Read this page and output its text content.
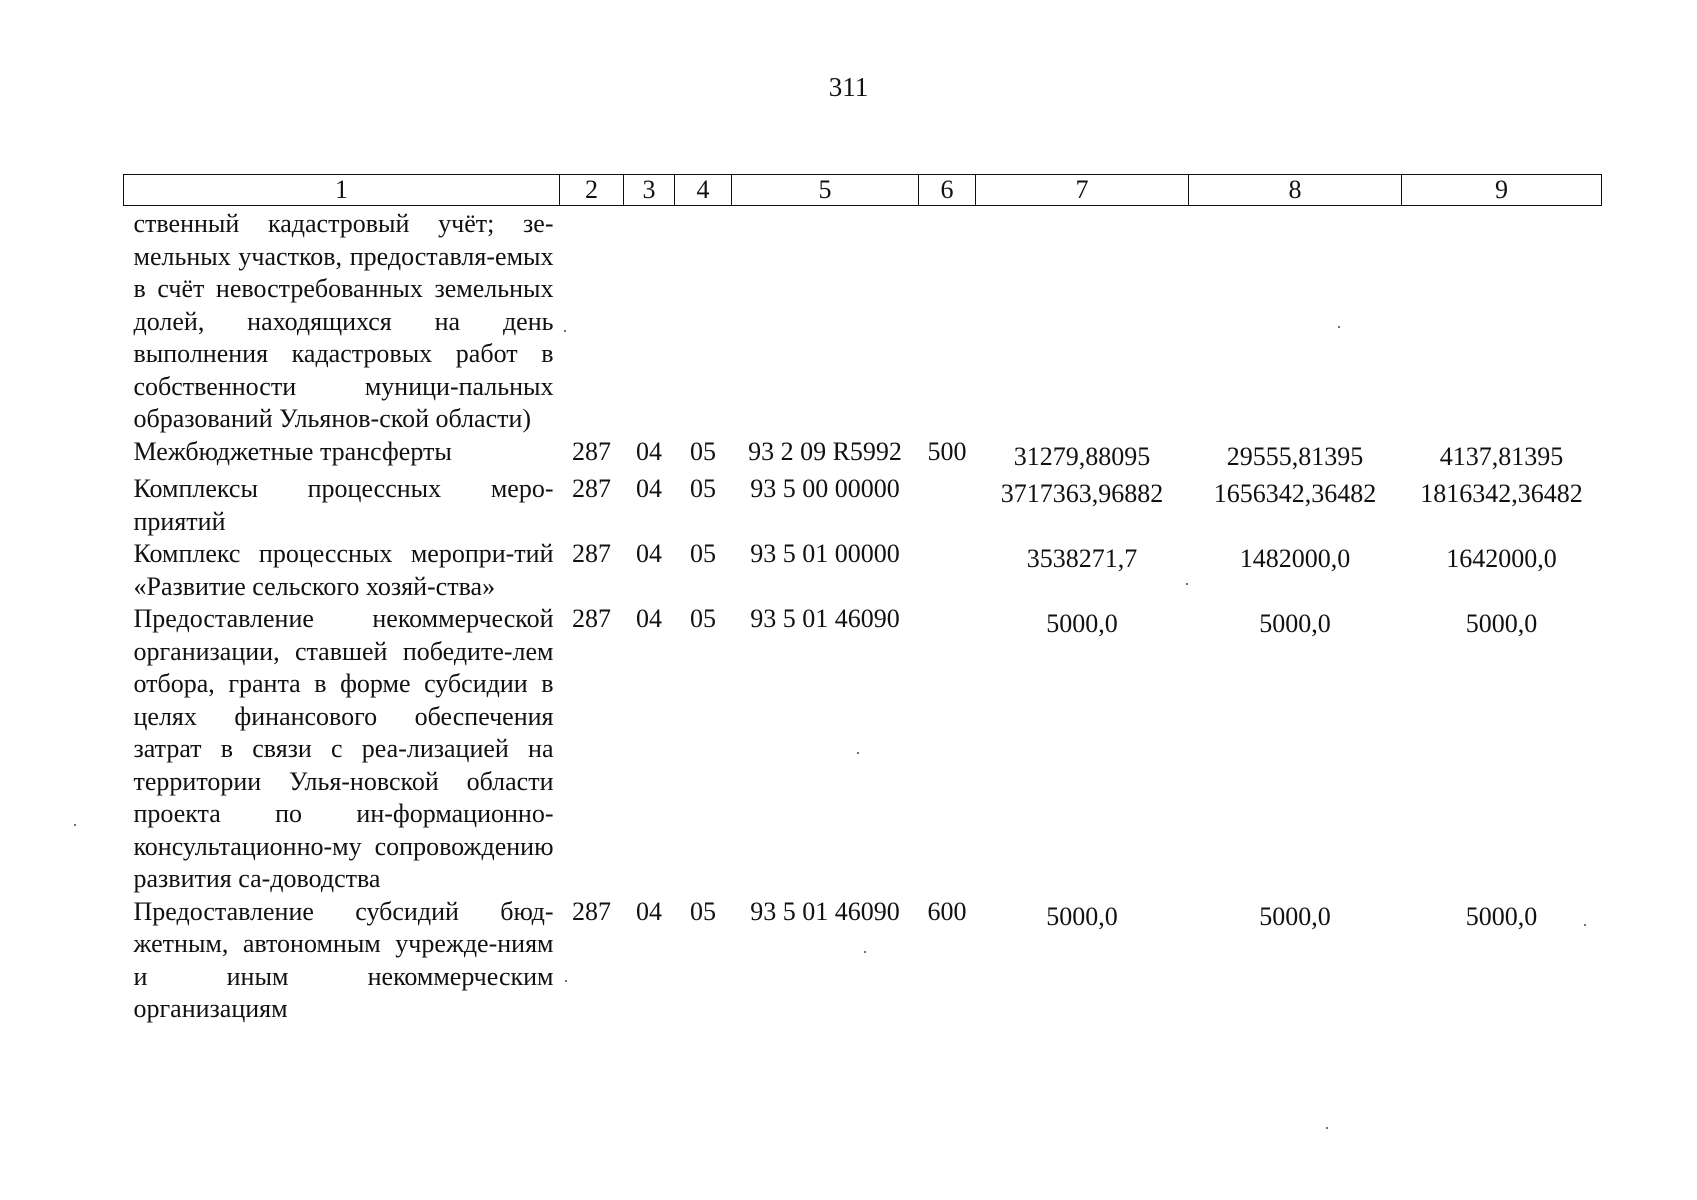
311
1	2	3	4	5	6	7	8	9
ственный кадастровый учёт; зе-мельных участков, предоставля-емых в счёт невостребованных земельных долей, находящихся на день выполнения кадастровых работ в собственности муници-пальных образований Ульянов-ской области)								
Межбюджетные трансферты	287	04	05	93 2 09 R5992	500	31279,88095	29555,81395	4137,81395
Комплексы процессных меро-приятий	287	04	05	93 5 00 00000		3717363,96882	1656342,36482	1816342,36482
Комплекс процессных меропри-тий «Развитие сельского хозяй-ства»	287	04	05	93 5 01 00000		3538271,7	1482000,0	1642000,0
Предоставление некоммерческой организации, ставшей победите-лем отбора, гранта в форме субсидии в целях финансового обеспечения затрат в связи с реа-лизацией на территории Улья-новской области проекта по ин-формационно-консультационно-му сопровождению развития са-доводства	287	04	05	93 5 01 46090		5000,0	5000,0	5000,0
Предоставление субсидий бюд-жетным, автономным учрежде-ниям и иным некоммерческим организациям	287	04	05	93 5 01 46090	600	5000,0	5000,0	5000,0
